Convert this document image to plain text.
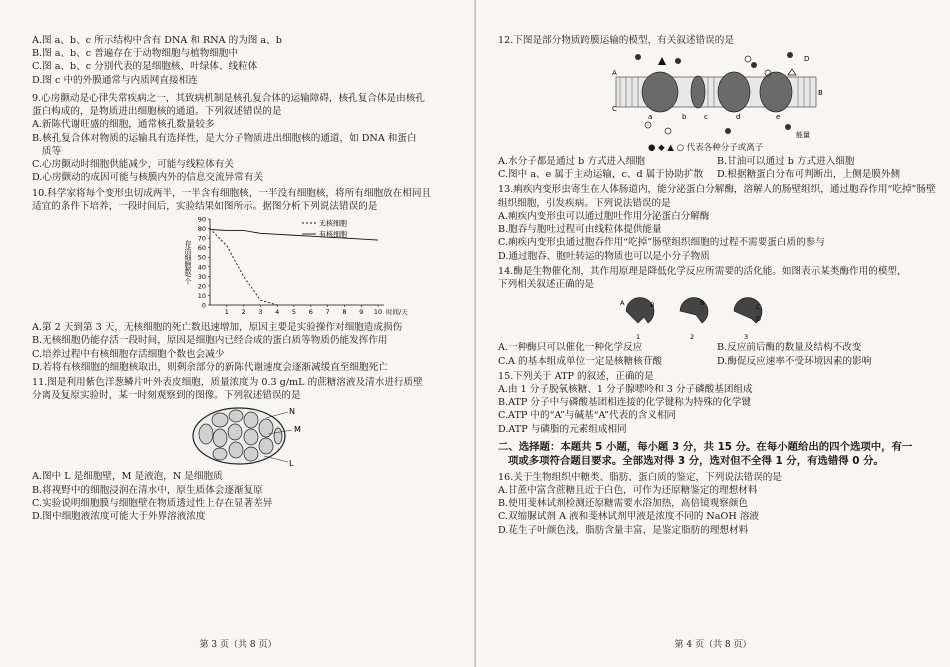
A.图 a、b、c 所示结构中含有 DNA 和 RNA 的为图 a、b

B.图 a、b、c 普遍存在于动物细胞与植物细胞中

C.图 a、b、c 分别代表的是细胞核、叶绿体、线粒体

D.图 c 中的外膜通常与内质网直接相连

9.心房颤动是心律失常疾病之一，其致病机制是核孔复合体的运输障碍，核孔复合体是由核孔

蛋白构成的，是物质进出细胞核的通道。下列叙述错误的是

A.新陈代谢旺盛的细胞，通常核孔数量较多

B.核孔复合体对物质的运输具有选择性，是大分子物质进出细胞核的通道，如 DNA 和蛋白

质等

C.心房颤动时细胞供能减少，可能与线粒体有关

D.心房颤动的成因可能与核膜内外的信息交流异常有关

10.科学家将每个变形虫切成两半，一半含有细胞核，一半没有细胞核，将所有细胞放在相同且

适宜的条件下培养，一段时间后，实验结果如图所示。据图分析下列说法错误的是

0
10
20
30
40
50
60
70
80
90
1 2 3 4 5 6 7 8 9 10 时间/天
存活细胞数/个
无核细胞
有核细胞

A.第 2 天到第 3 天，无核细胞的死亡数迅速增加，原因主要是实验操作对细胞造成损伤

B.无核细胞仍能存活一段时间，原因是细胞内已经合成的蛋白质等物质仍能发挥作用

C.培养过程中有核细胞存活细胞个数也会减少

D.若将有核细胞的细胞核取出，则剩余部分的新陈代谢速度会逐渐减缓直至细胞死亡

11.图是利用紫色洋葱鳞片叶外表皮细胞，质量浓度为 0.3 g/mL 的蔗糖溶液及清水进行质壁

分离及复原实验时，某一时刻观察到的图像。下列叙述错误的是

M
N
L

A.图中 L 是细胞壁，M 是液泡，N 是细胞质

B.将视野中的细胞浸润在清水中，原生质体会逐渐复原

C.实验说明细胞膜与细胞壁在物质透过性上存在显著差异

D.图中细胞液浓度可能大于外界溶液浓度

第 3 页（共 8 页）

12.下图是部分物质跨膜运输的模型，有关叙述错误的是

a	b	c	d	e
A
B
C
D
能量

● ◆ ▲ ○ 代表各种分子或离子

A.水分子都是通过 b 方式进入细胞	B.甘油可以通过 b 方式进入细胞

C.图中 a、e 属于主动运输，c、d 属于协助扩散	D.根据糖蛋白分布可判断出，上侧是膜外侧

13.痢疾内变形虫寄生在人体肠道内，能分泌蛋白分解酶，溶解人的肠壁组织，通过胞吞作用“吃掉”肠壁组织细胞，引发疾病。下列说法错误的是

A.痢疾内变形虫可以通过胞吐作用分泌蛋白分解酶

B.胞吞与胞吐过程可由线粒体提供能量

C.痢疾内变形虫通过胞吞作用“吃掉”肠壁组织细胞的过程不需要蛋白质的参与

D.通过胞吞、胞吐转运的物质也可以是小分子物质

14.酶是生物催化剂，其作用原理是降低化学反应所需要的活化能。如图表示某类酶作用的模型，

下列相关叙述正确的是

A	B	B	C
D
1	2	3

A.一种酶只可以催化一种化学反应	B.反应前后酶的数量及结构不改变

C.A 的基本组成单位一定是核糖核苷酸	D.酶促反应速率不受环境因素的影响

15.下列关于 ATP 的叙述，正确的是

A.由 1 分子脱氧核糖、1 分子腺嘌呤和 3 分子磷酸基团组成

B.ATP 分子中与磷酸基团相连接的化学键称为特殊的化学键

C.ATP 中的“A”与碱基“A”代表的含义相同

D.ATP 与磷脂的元素组成相同

二、选择题：本题共 5 小题，每小题 3 分，共 15 分。在每小题给出的四个选项中，有一

项或多项符合题目要求。全部选对得 3 分，选对但不全得 1 分，有选错得 0 分。

16.关于生物组织中糖类、脂肪、蛋白质的鉴定，下列说法错误的是

A.甘蔗中富含蔗糖且近于白色，可作为还原糖鉴定的理想材料

B.使用斐林试剂检测还原糖需要水浴加热，高倍镜观察颜色

C.双缩脲试剂 A 液和斐林试剂甲液是浓度不同的 NaOH 溶液

D.花生子叶颜色浅，脂肪含量丰富，是鉴定脂肪的理想材料

第 4 页（共 8 页）
